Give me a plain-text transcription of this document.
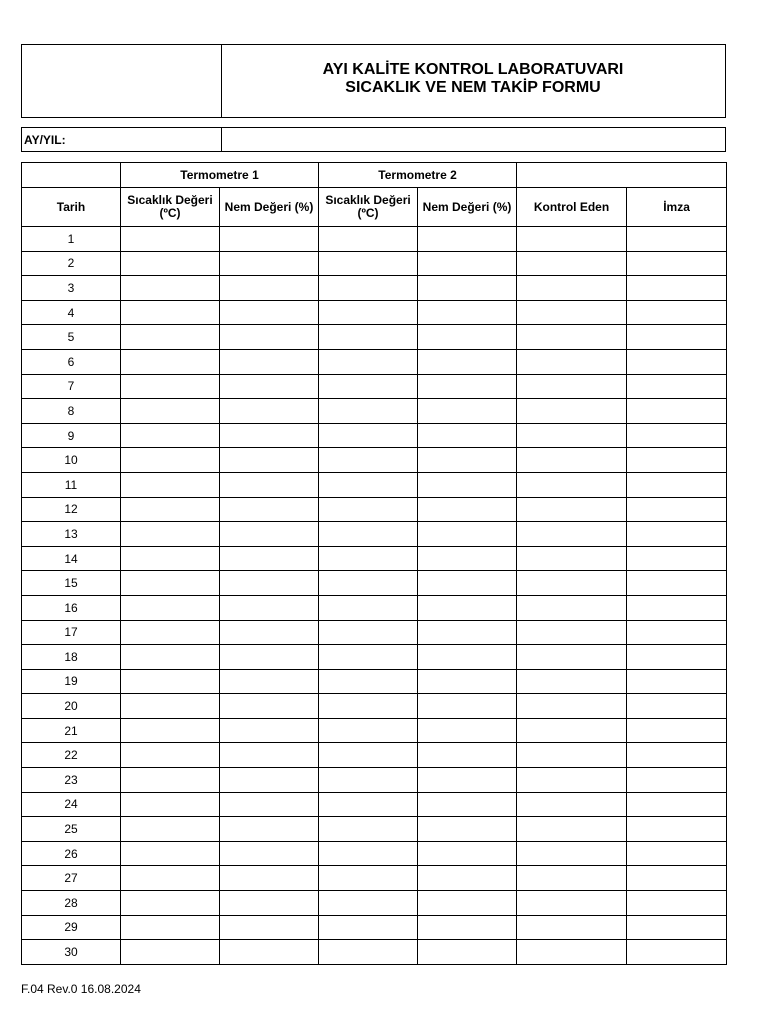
AYI KALİTE KONTROL LABORATUVARI
SICAKLIK VE NEM TAKİP FORMU
AY/YIL:
	Termometre 1		Termometre 2			
Tarih	Sıcaklık Değeri (ºC)	Nem Değeri (%)	Sıcaklık Değeri (ºC)	Nem Değeri (%)	Kontrol Eden	İmza
1						
2						
3						
4						
5						
6						
7						
8						
9						
10						
11						
12						
13						
14						
15						
16						
17						
18						
19						
20						
21						
22						
23						
24						
25						
26						
27						
28						
29						
30						
F.04 Rev.0 16.08.2024
